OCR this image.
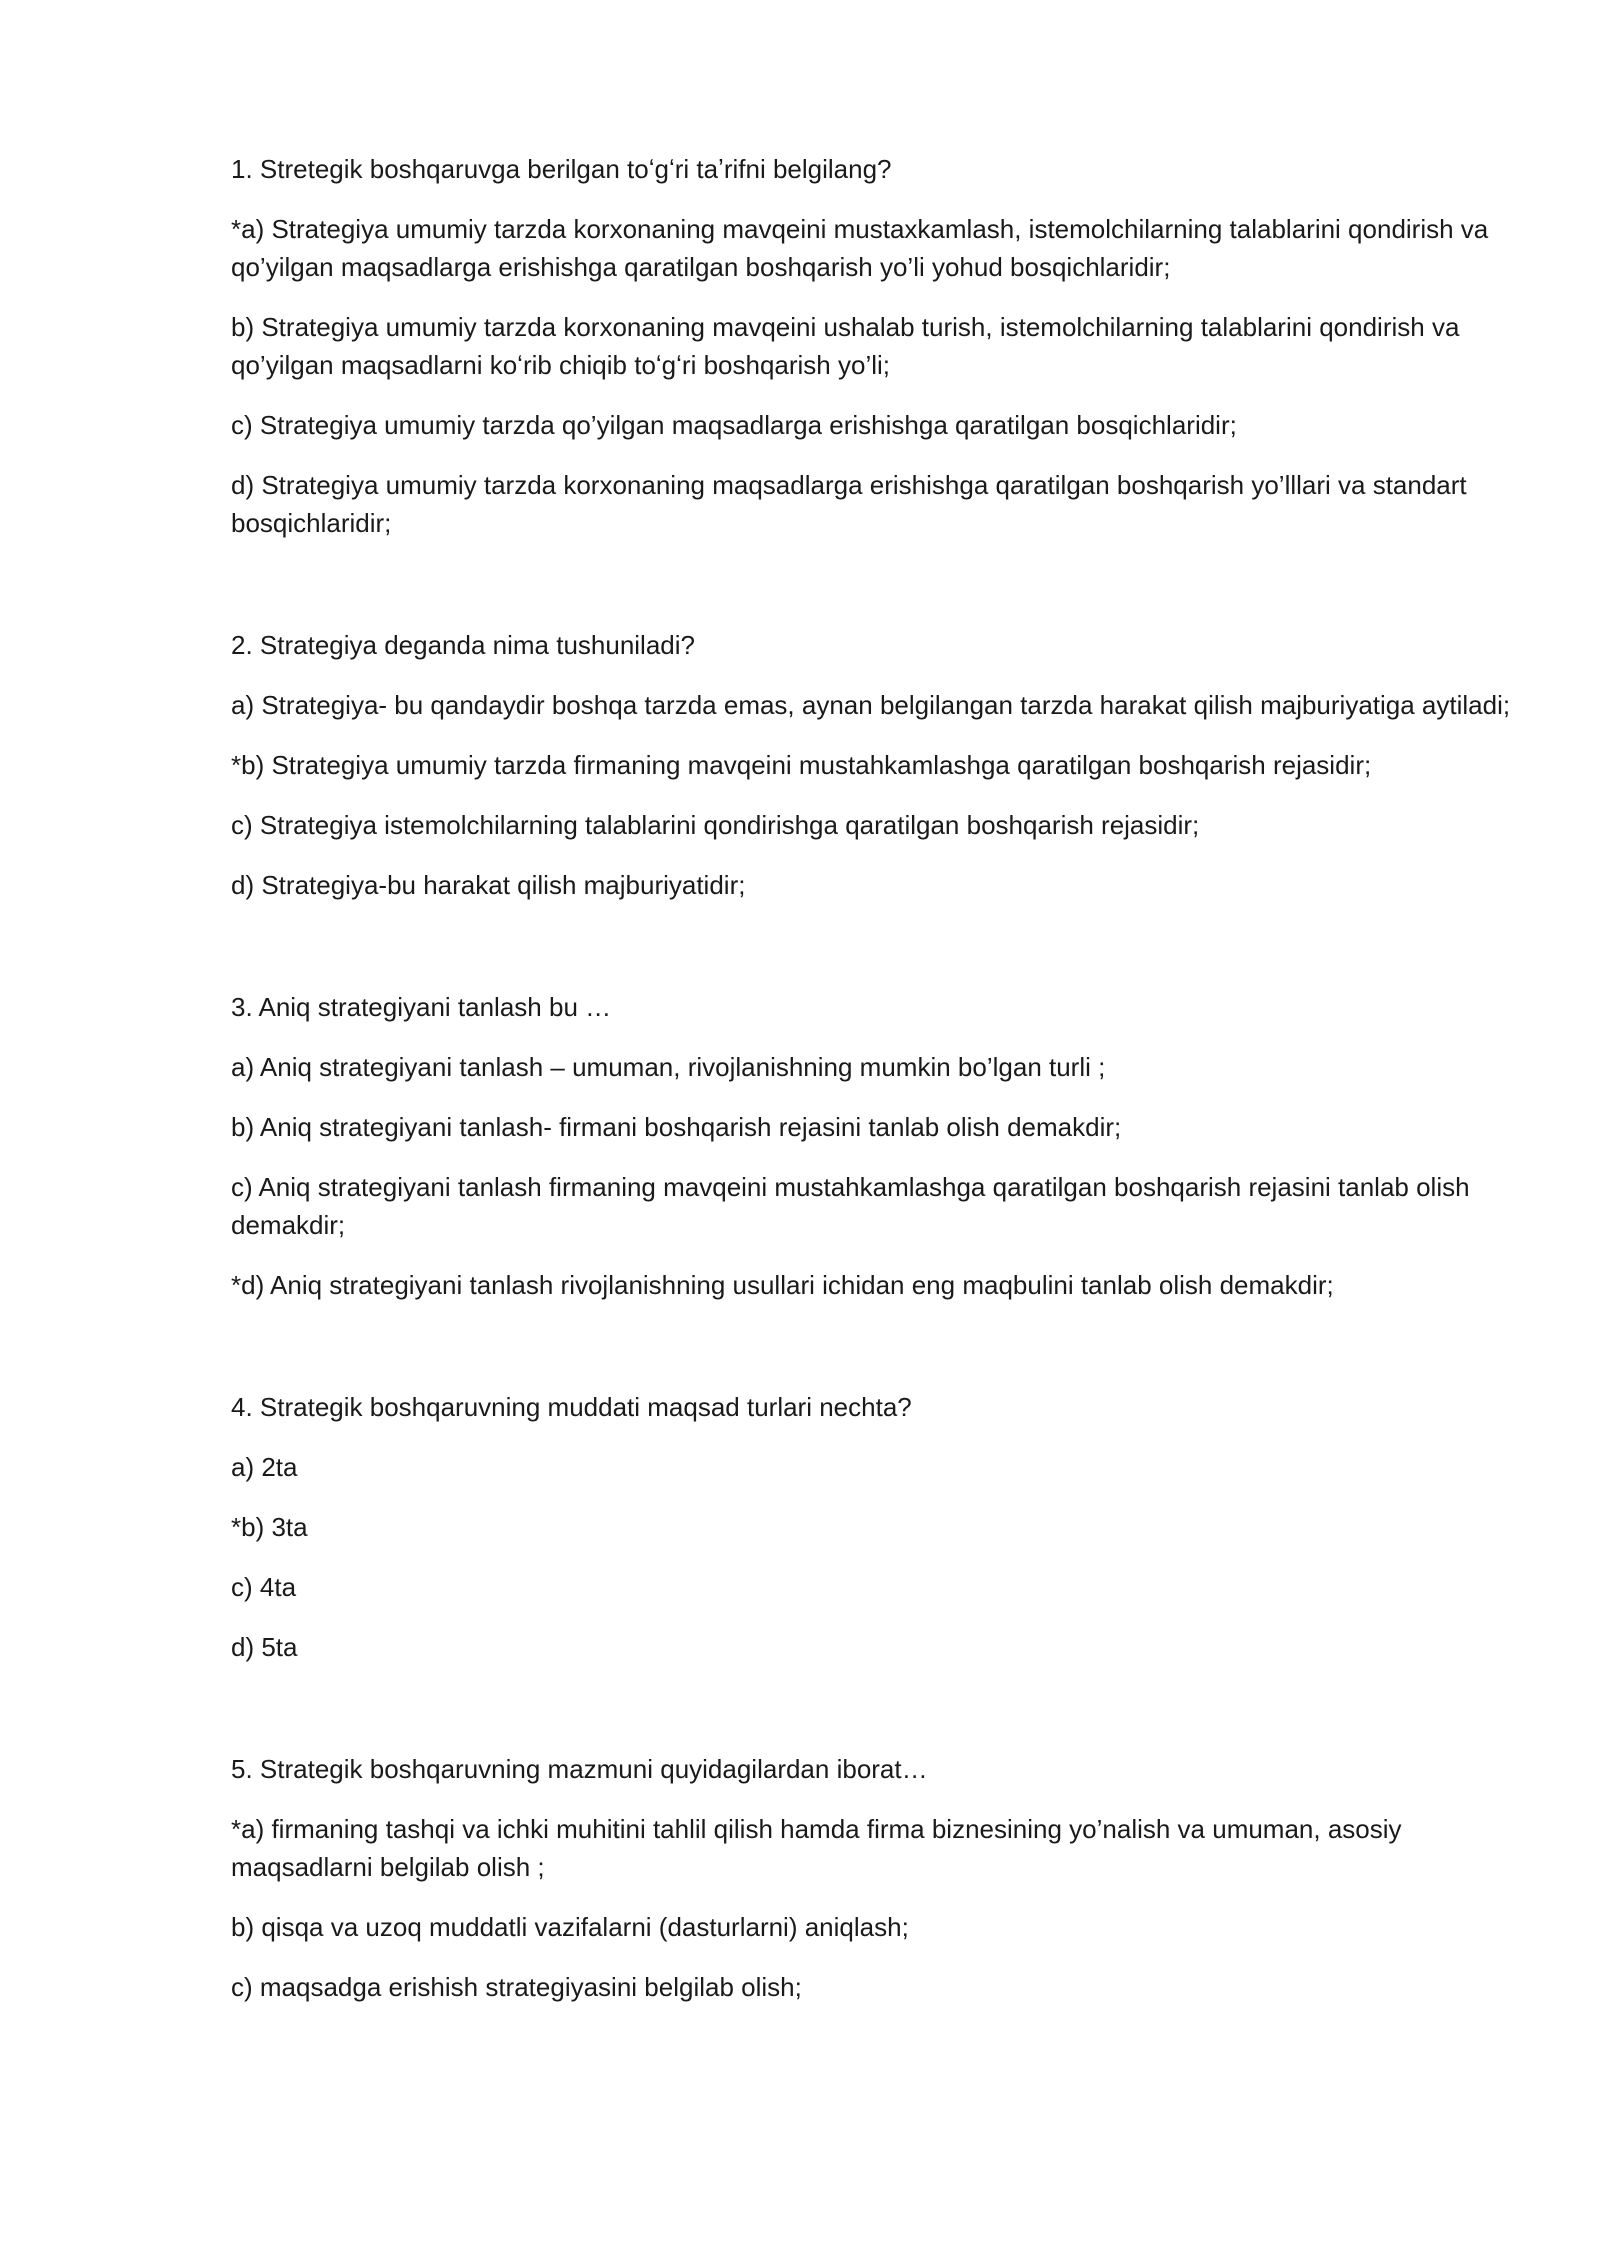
1. Stretegik boshqaruvga berilgan toʻgʻri taʼrifni belgilang?

*a) Strategiya umumiy tarzda korxonaning mavqeini mustaxkamlash, istemolchilarning talablarini qondirish va qo’yilgan maqsadlarga erishishga qaratilgan boshqarish yo’li yohud bosqichlaridir;

b) Strategiya umumiy tarzda korxonaning mavqeini ushalab turish, istemolchilarning talablarini qondirish va qo’yilgan maqsadlarni koʻrib chiqib toʻgʻri boshqarish yo’li;

c) Strategiya umumiy tarzda qo’yilgan maqsadlarga erishishga qaratilgan bosqichlaridir;

d) Strategiya umumiy tarzda korxonaning maqsadlarga erishishga qaratilgan boshqarish yo’lllari va standart bosqichlaridir;

2. Strategiya deganda nima tushuniladi?

a) Strategiya- bu qandaydir boshqa tarzda emas, aynan belgilangan tarzda harakat qilish majburiyatiga aytiladi;

*b) Strategiya umumiy tarzda firmaning mavqeini mustahkamlashga qaratilgan boshqarish rejasidir;

c) Strategiya istemolchilarning talablarini qondirishga qaratilgan boshqarish rejasidir;

d) Strategiya-bu harakat qilish majburiyatidir;

3. Aniq strategiyani tanlash bu …

a) Aniq strategiyani tanlash – umuman, rivojlanishning mumkin bo’lgan turli ;

b) Aniq strategiyani tanlash- firmani boshqarish rejasini tanlab olish demakdir;

c) Aniq strategiyani tanlash firmaning mavqeini mustahkamlashga qaratilgan boshqarish rejasini tanlab olish demakdir;

*d) Aniq strategiyani tanlash rivojlanishning usullari ichidan eng maqbulini tanlab olish demakdir;

4. Strategik boshqaruvning muddati maqsad turlari nechta?

a) 2ta

*b) 3ta

c) 4ta

d) 5ta

5. Strategik boshqaruvning mazmuni quyidagilardan iborat…

*a) firmaning tashqi va ichki muhitini tahlil qilish hamda firma biznesining yo’nalish va umuman, asosiy maqsadlarni belgilab olish ;

b) qisqa va uzoq muddatli vazifalarni (dasturlarni) aniqlash;

c) maqsadga erishish strategiyasini belgilab olish;
